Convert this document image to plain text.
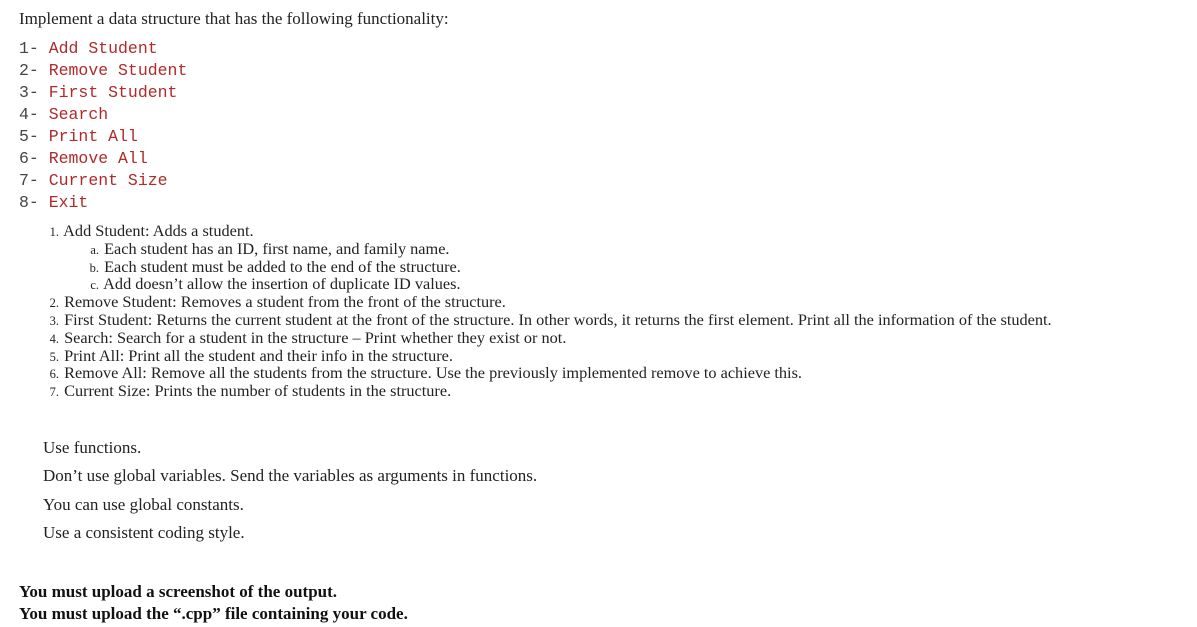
Implement a data structure that has the following functionality:
1- Add Student
2- Remove Student
3- First Student
4- Search
5- Print All
6- Remove All
7- Current Size
8- Exit
1. Add Student: Adds a student.
a. Each student has an ID, first name, and family name.
b. Each student must be added to the end of the structure.
c. Add doesn’t allow the insertion of duplicate ID values.
2. Remove Student: Removes a student from the front of the structure.
3. First Student: Returns the current student at the front of the structure. In other words, it returns the first element. Print all the information of the student.
4. Search: Search for a student in the structure – Print whether they exist or not.
5. Print All: Print all the student and their info in the structure.
6. Remove All: Remove all the students from the structure. Use the previously implemented remove to achieve this.
7. Current Size: Prints the number of students in the structure.
Use functions.
Don’t use global variables. Send the variables as arguments in functions.
You can use global constants.
Use a consistent coding style.
You must upload a screenshot of the output.
You must upload the “.cpp” file containing your code.
